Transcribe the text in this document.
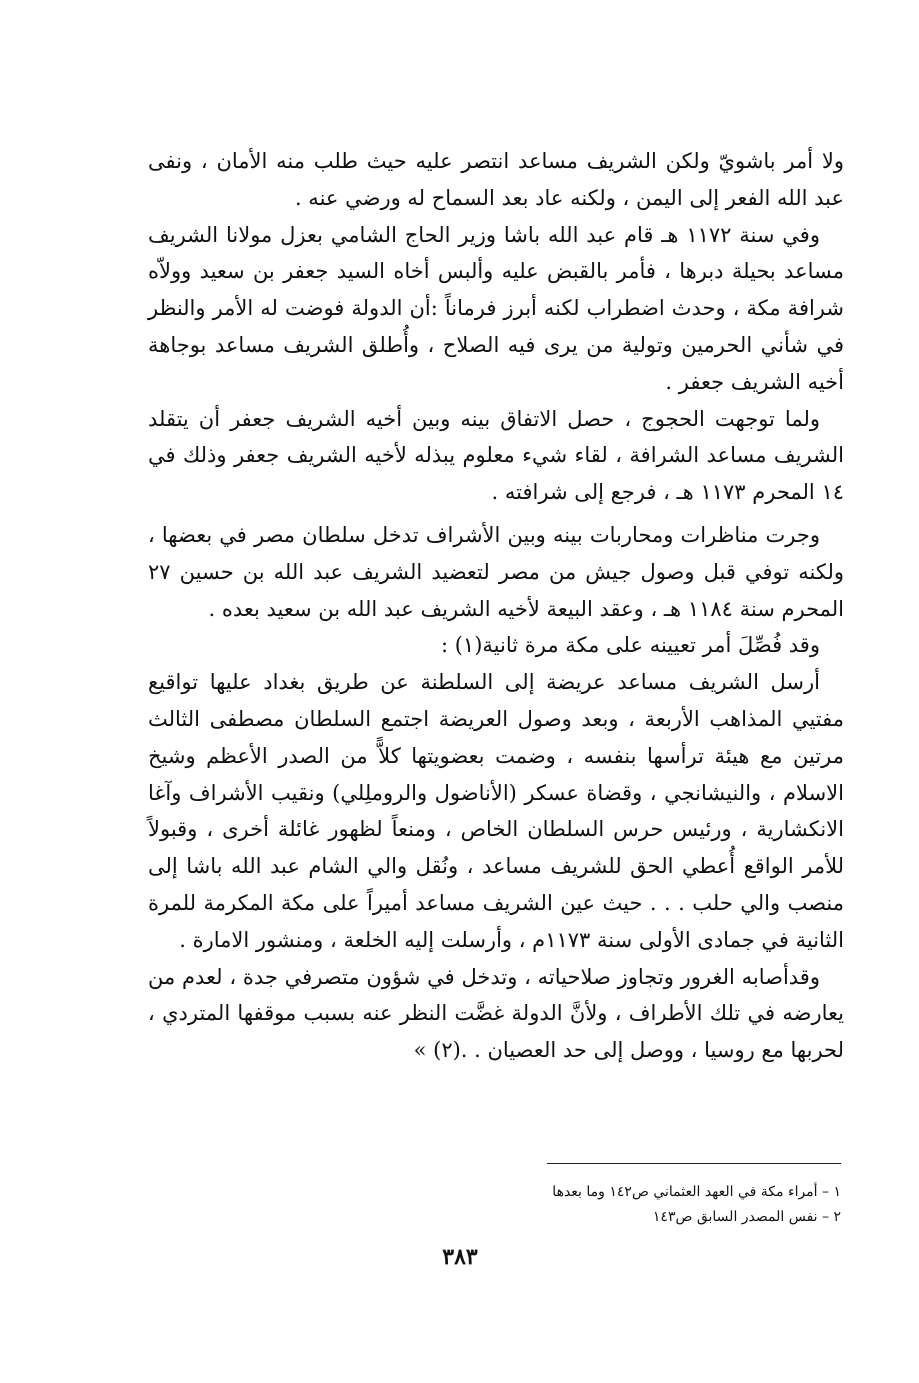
ولا أمر باشويّ ولكن الشريف مساعد انتصر عليه حيث طلب منه الأمان ، ونفى عبد الله الفعر إلى اليمن ، ولكنه عاد بعد السماح له ورضي عنه .

وفي سنة ١١٧٢ هـ قام عبد الله باشا وزير الحاج الشامي بعزل مولانا الشريف مساعد بحيلة دبرها ، فأمر بالقبض عليه وألبس أخاه السيد جعفر بن سعيد وولاّه شرافة مكة ، وحدث اضطراب لكنه أبرز فرماناً :أن الدولة فوضت له الأمر والنظر في شأني الحرمين وتولية من يرى فيه الصلاح ، وأُطلق الشريف مساعد بوجاهة أخيه الشريف جعفر .

ولما توجهت الحجوج ، حصل الاتفاق بينه وبين أخيه الشريف جعفر أن يتقلد الشريف مساعد الشرافة ، لقاء شيء معلوم يبذله لأخيه الشريف جعفر وذلك في ١٤ المحرم ١١٧٣ هـ ، فرجع إلى شرافته .

وجرت مناظرات ومحاربات بينه وبين الأشراف تدخل سلطان مصر في بعضها ، ولكنه توفي قبل وصول جيش من مصر لتعضيد الشريف عبد الله بن حسين ٢٧ المحرم سنة ١١٨٤ هـ ، وعقد البيعة لأخيه الشريف عبد الله بن سعيد بعده .

وقد فُصِّلَ أمر تعيينه على مكة مرة ثانية(١) :

أرسل الشريف مساعد عريضة إلى السلطنة عن طريق بغداد عليها تواقيع مفتيي المذاهب الأربعة ، وبعد وصول العريضة اجتمع السلطان مصطفى الثالث مرتين مع هيئة ترأسها بنفسه ، وضمت بعضويتها كلاًّ من الصدر الأعظم وشيخ الاسلام ، والنيشانجي ، وقضاة عسكر (الأناضول والروملِلي) ونقيب الأشراف وآغا الانكشارية ، ورئيس حرس السلطان الخاص ، ومنعاً لظهور غائلة أخرى ، وقبولاً للأمر الواقع أُعطي الحق للشريف مساعد ، ونُقل والي الشام عبد الله باشا إلى منصب والي حلب . . . حيث عين الشريف مساعد أميراً على مكة المكرمة للمرة الثانية في جمادى الأولى سنة ١١٧٣م ، وأرسلت إليه الخلعة ، ومنشور الامارة .

وقدأصابه الغرور وتجاوز صلاحياته ، وتدخل في شؤون متصرفي جدة ، لعدم من يعارضه في تلك الأطراف ، ولأنَّ الدولة غضَّت النظر عنه بسبب موقفها المتردي ، لحربها مع روسيا ، ووصل إلى حد العصيان . .(٢) »

١ – أمراء مكة في العهد العثماني ص١٤٢ وما بعدها

٢ – نفس المصدر السابق ص١٤٣

٣٨٣
